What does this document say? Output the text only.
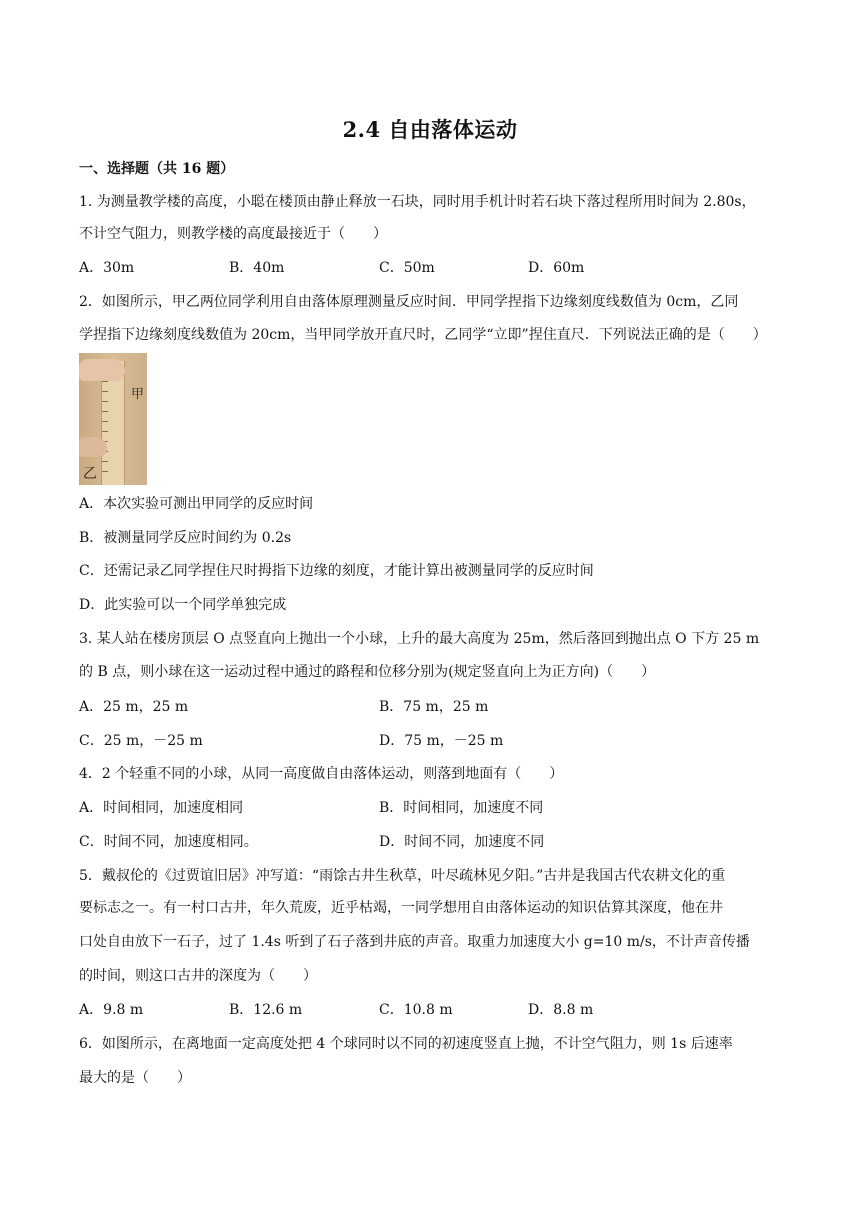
2.4 自由落体运动
一、选择题（共 16 题）
1. 为测量教学楼的高度，小聪在楼顶由静止释放一石块，同时用手机计时若石块下落过程所用时间为 2.80s，
不计空气阻力，则教学楼的高度最接近于（　　）
A．30m	B．40m	C．50m	D．60m
2．如图所示，甲乙两位同学利用自由落体原理测量反应时间．甲同学捏指下边缘刻度线数值为 0cm，乙同
学捏指下边缘刻度线数值为 20cm，当甲同学放开直尺时，乙同学“立即”捏住直尺．下列说法正确的是（　　）
甲
乙
A．本次实验可测出甲同学的反应时间
B．被测量同学反应时间约为 0.2s
C．还需记录乙同学捏住尺时拇指下边缘的刻度，才能计算出被测量同学的反应时间
D．此实验可以一个同学单独完成
3. 某人站在楼房顶层 O 点竖直向上抛出一个小球，上升的最大高度为 25m，然后落回到抛出点 O 下方 25 m
的 B 点，则小球在这一运动过程中通过的路程和位移分别为(规定竖直向上为正方向)（　　）
A．25 m，25 m	B．75 m，25 m
C．25 m，－25 m	D．75 m，－25 m
4．2 个轻重不同的小球，从同一高度做自由落体运动，则落到地面有（　　）
A．时间相同，加速度相同	B．时间相同，加速度不同
C．时间不同，加速度相同。	D．时间不同，加速度不同
5．戴叔伦的《过贾谊旧居》冲写道：“雨馀古井生秋草，叶尽疏林见夕阳。”古井是我国古代农耕文化的重
要标志之一。有一村口古井，年久荒废，近乎枯竭，一同学想用自由落体运动的知识估算其深度，他在井
口处自由放下一石子，过了 1.4s 听到了石子落到井底的声音。取重力加速度大小 g=10 m/s，不计声音传播
的时间，则这口古井的深度为（　　）
A．9.8 m	B．12.6 m	C．10.8 m	D．8.8 m
6．如图所示，在离地面一定高度处把 4 个球同时以不同的初速度竖直上抛，不计空气阻力，则 1s 后速率
最大的是（　　）
